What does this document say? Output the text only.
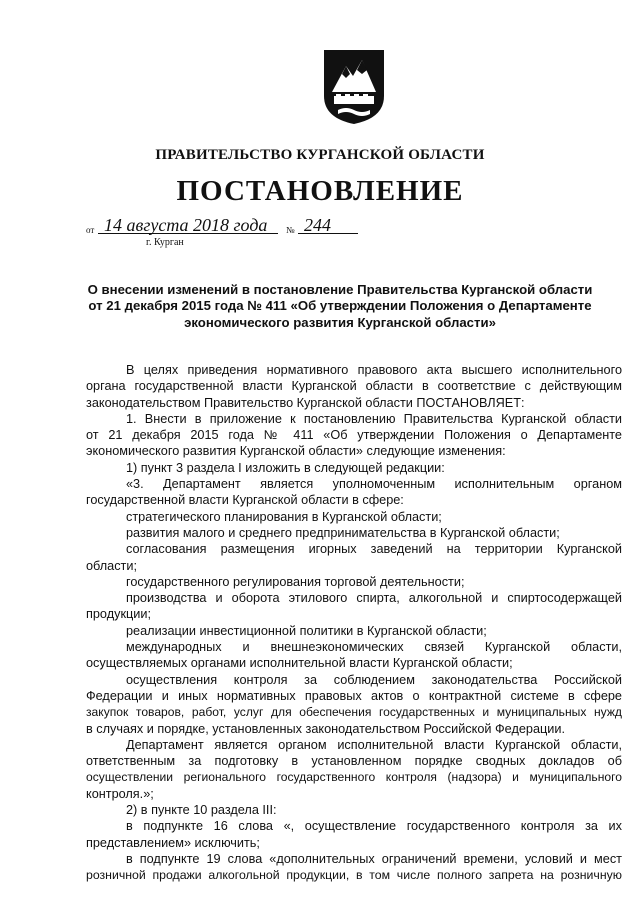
ПРАВИТЕЛЬСТВО КУРГАНСКОЙ ОБЛАСТИ
ПОСТАНОВЛЕНИЕ
от 14 августа 2018 года № 244
г. Курган
О внесении изменений в постановление Правительства Курганской области
от 21 декабря 2015 года № 411 «Об утверждении Положения о Департаменте
экономического развития Курганской области»

В целях приведения нормативного правового акта высшего исполнительного

органа государственной власти Курганской области в соответствие с действующим

законодательством Правительство Курганской области ПОСТАНОВЛЯЕТ:

1. Внести в приложение к постановлению Правительства Курганской области

от 21 декабря 2015 года № 411 «Об утверждении Положения о Департаменте

экономического развития Курганской области» следующие изменения:

1) пункт 3 раздела I изложить в следующей редакции:

«3. Департамент является уполномоченным исполнительным органом

государственной власти Курганской области в сфере:

стратегического планирования в Курганской области;

развития малого и среднего предпринимательства в Курганской области;

согласования размещения игорных заведений на территории Курганской

области;

государственного регулирования торговой деятельности;

производства и оборота этилового спирта, алкогольной и спиртосодержащей

продукции;

реализации инвестиционной политики в Курганской области;

международных и внешнеэкономических связей Курганской области,

осуществляемых органами исполнительной власти Курганской области;

осуществления контроля за соблюдением законодательства Российской

Федерации и иных нормативных правовых актов о контрактной системе в сфере

закупок товаров, работ, услуг для обеспечения государственных и муниципальных нужд

в случаях и порядке, установленных законодательством Российской Федерации.

Департамент является органом исполнительной власти Курганской области,

ответственным за подготовку в установленном порядке сводных докладов об

осуществлении регионального государственного контроля (надзора) и муниципального

контроля.»;

2) в пункте 10 раздела III:

в подпункте 16 слова «, осуществление государственного контроля за их

представлением» исключить;

в подпункте 19 слова «дополнительных ограничений времени, условий и мест

розничной продажи алкогольной продукции, в том числе полного запрета на розничную
